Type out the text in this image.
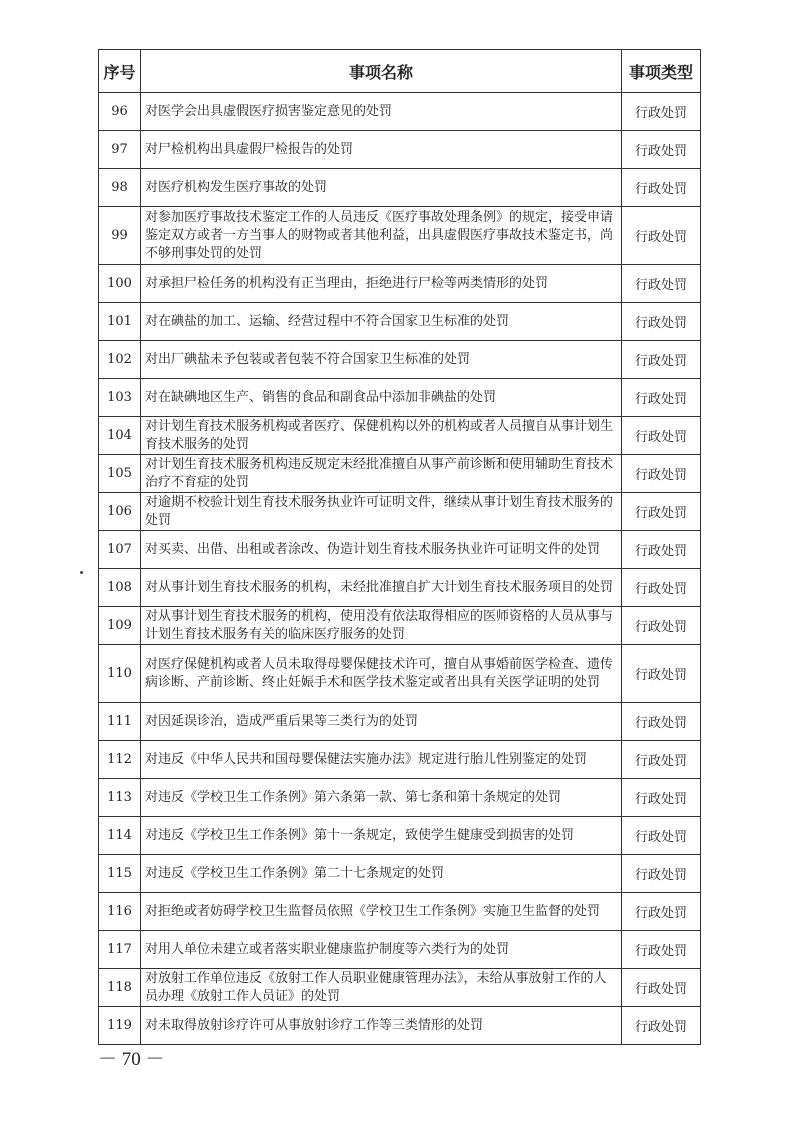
序号	事项名称	事项类型
96	对医学会出具虚假医疗损害鉴定意见的处罚	行政处罚
97	对尸检机构出具虚假尸检报告的处罚	行政处罚
98	对医疗机构发生医疗事故的处罚	行政处罚
99	对参加医疗事故技术鉴定工作的人员违反《医疗事故处理条例》的规定，接受申请鉴定双方或者一方当事人的财物或者其他利益，出具虚假医疗事故技术鉴定书，尚不够刑事处罚的处罚	行政处罚
100	对承担尸检任务的机构没有正当理由，拒绝进行尸检等两类情形的处罚	行政处罚
101	对在碘盐的加工、运输、经营过程中不符合国家卫生标准的处罚	行政处罚
102	对出厂碘盐未予包装或者包装不符合国家卫生标准的处罚	行政处罚
103	对在缺碘地区生产、销售的食品和副食品中添加非碘盐的处罚	行政处罚
104	对计划生育技术服务机构或者医疗、保健机构以外的机构或者人员擅自从事计划生育技术服务的处罚	行政处罚
105	对计划生育技术服务机构违反规定未经批准擅自从事产前诊断和使用辅助生育技术治疗不育症的处罚	行政处罚
106	对逾期不校验计划生育技术服务执业许可证明文件，继续从事计划生育技术服务的处罚	行政处罚
107	对买卖、出借、出租或者涂改、伪造计划生育技术服务执业许可证明文件的处罚	行政处罚
108	对从事计划生育技术服务的机构，未经批准擅自扩大计划生育技术服务项目的处罚	行政处罚
109	对从事计划生育技术服务的机构，使用没有依法取得相应的医师资格的人员从事与计划生育技术服务有关的临床医疗服务的处罚	行政处罚
110	对医疗保健机构或者人员未取得母婴保健技术许可，擅自从事婚前医学检查、遗传病诊断、产前诊断、终止妊娠手术和医学技术鉴定或者出具有关医学证明的处罚	行政处罚
111	对因延误诊治，造成严重后果等三类行为的处罚	行政处罚
112	对违反《中华人民共和国母婴保健法实施办法》规定进行胎儿性别鉴定的处罚	行政处罚
113	对违反《学校卫生工作条例》第六条第一款、第七条和第十条规定的处罚	行政处罚
114	对违反《学校卫生工作条例》第十一条规定，致使学生健康受到损害的处罚	行政处罚
115	对违反《学校卫生工作条例》第二十七条规定的处罚	行政处罚
116	对拒绝或者妨碍学校卫生监督员依照《学校卫生工作条例》实施卫生监督的处罚	行政处罚
117	对用人单位未建立或者落实职业健康监护制度等六类行为的处罚	行政处罚
118	对放射工作单位违反《放射工作人员职业健康管理办法》，未给从事放射工作的人员办理《放射工作人员证》的处罚	行政处罚
119	对未取得放射诊疗许可从事放射诊疗工作等三类情形的处罚	行政处罚
－ 70 －
